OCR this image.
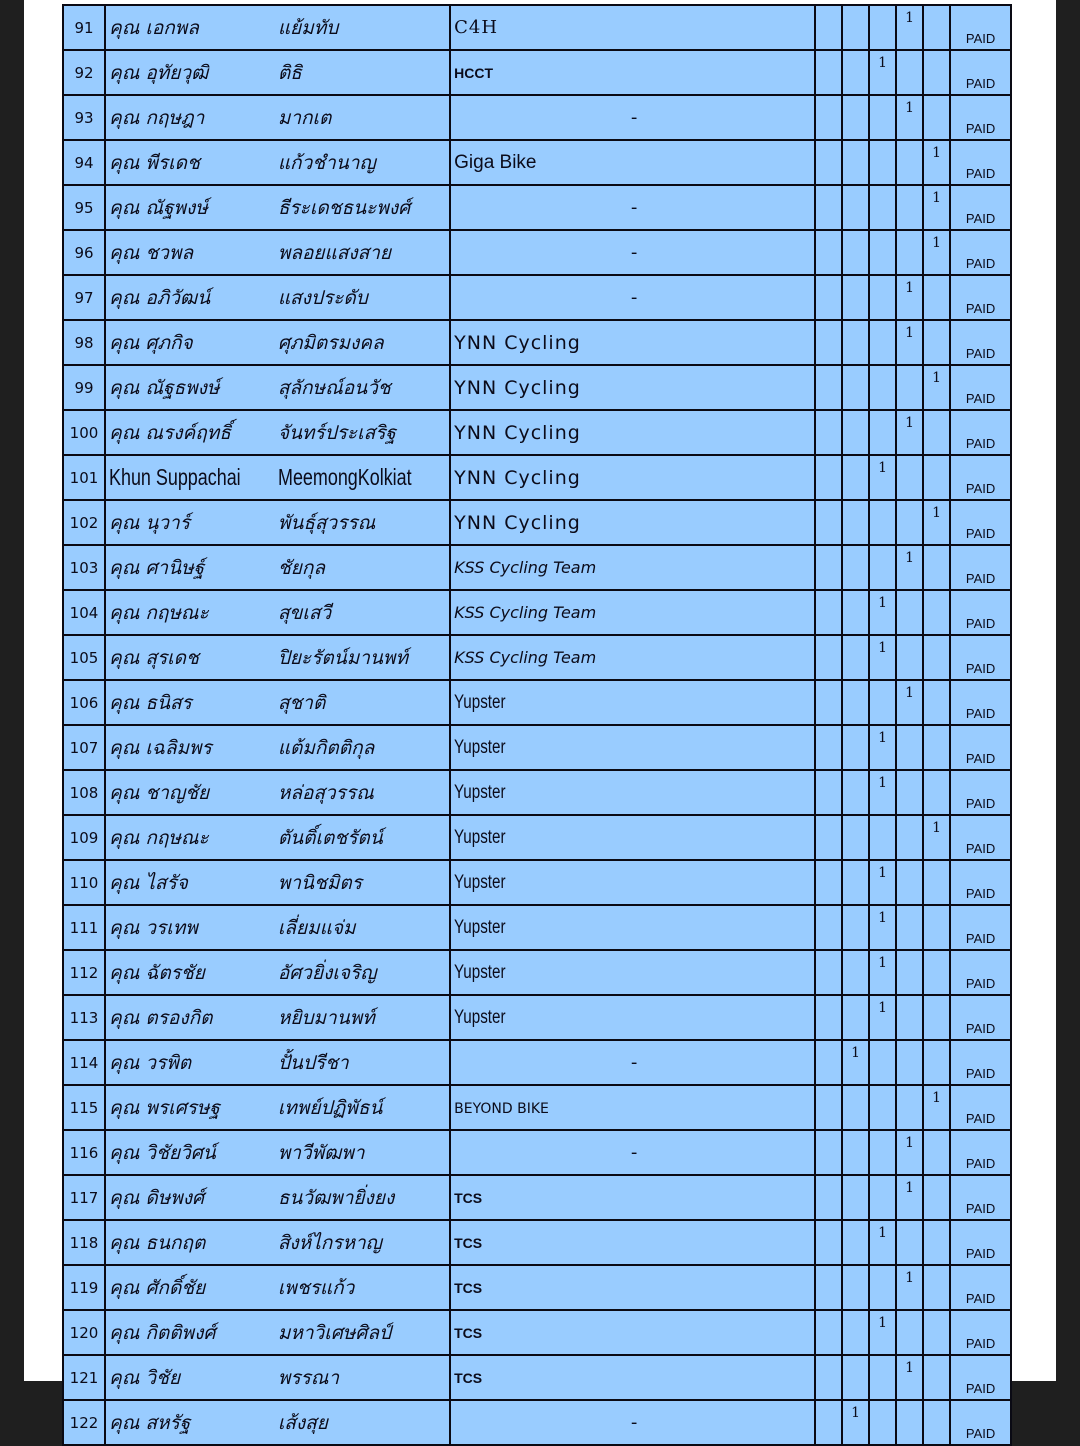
91	คุณ เอกพล	แย้มทับ	C4H				1		PAID
92	คุณ อุทัยวุฒิ	ติธิ	HCCT			1			PAID
93	คุณ กฤษฎา	มากเต	-				1		PAID
94	คุณ พีรเดช	แก้วชำนาญ	Giga Bike					1	PAID
95	คุณ ณัฐพงษ์	ธีระเดชธนะพงศ์	-					1	PAID
96	คุณ ชวพล	พลอยแสงสาย	-					1	PAID
97	คุณ อภิวัฒน์	แสงประดับ	-				1		PAID
98	คุณ ศุภกิจ	ศุภมิตรมงคล	YNN Cycling				1		PAID
99	คุณ ณัฐธพงษ์	สุลักษณ์อนวัช	YNN Cycling					1	PAID
100	คุณ ณรงค์ฤทธิ์	จันทร์ประเสริฐ	YNN Cycling				1		PAID
101	Khun Suppachai	MeemongKolkiat	YNN Cycling			1			PAID
102	คุณ นุวาร์	พันธุ์สุวรรณ	YNN Cycling					1	PAID
103	คุณ ศานิษฐ์	ชัยกุล	KSS Cycling Team				1		PAID
104	คุณ กฤษณะ	สุขเสวี	KSS Cycling Team			1			PAID
105	คุณ สุรเดช	ปิยะรัตน์มานพท์	KSS Cycling Team			1			PAID
106	คุณ ธนิสร	สุชาติ	Yupster				1		PAID
107	คุณ เฉลิมพร	แต้มกิตติกุล	Yupster			1			PAID
108	คุณ ชาญชัย	หล่อสุวรรณ	Yupster			1			PAID
109	คุณ กฤษณะ	ตันติ์เตชรัตน์	Yupster					1	PAID
110	คุณ ไสรัจ	พานิชมิตร	Yupster			1			PAID
111	คุณ วรเทพ	เลี่ยมแจ่ม	Yupster			1			PAID
112	คุณ ฉัตรชัย	อัศวยิ่งเจริญ	Yupster			1			PAID
113	คุณ ตรองกิต	หยิบมานพท์	Yupster			1			PAID
114	คุณ วรพิต	ปั้นปรีชา	-		1				PAID
115	คุณ พรเศรษฐ	เทพย์ปฏิพัธน์	BEYOND BIKE					1	PAID
116	คุณ วิชัยวิศน์	พาวีพัฒพา	-				1		PAID
117	คุณ ดิษพงศ์	ธนวัฒพายิ่งยง	TCS				1		PAID
118	คุณ ธนกฤต	สิงห์ไกรหาญ	TCS			1			PAID
119	คุณ ศักดิ์ชัย	เพชรแก้ว	TCS				1		PAID
120	คุณ กิตติพงศ์	มหาวิเศษศิลป์	TCS			1			PAID
121	คุณ วิชัย	พรรณา	TCS				1		PAID
122	คุณ สหรัฐ	เส้งสุย	-		1				PAID
